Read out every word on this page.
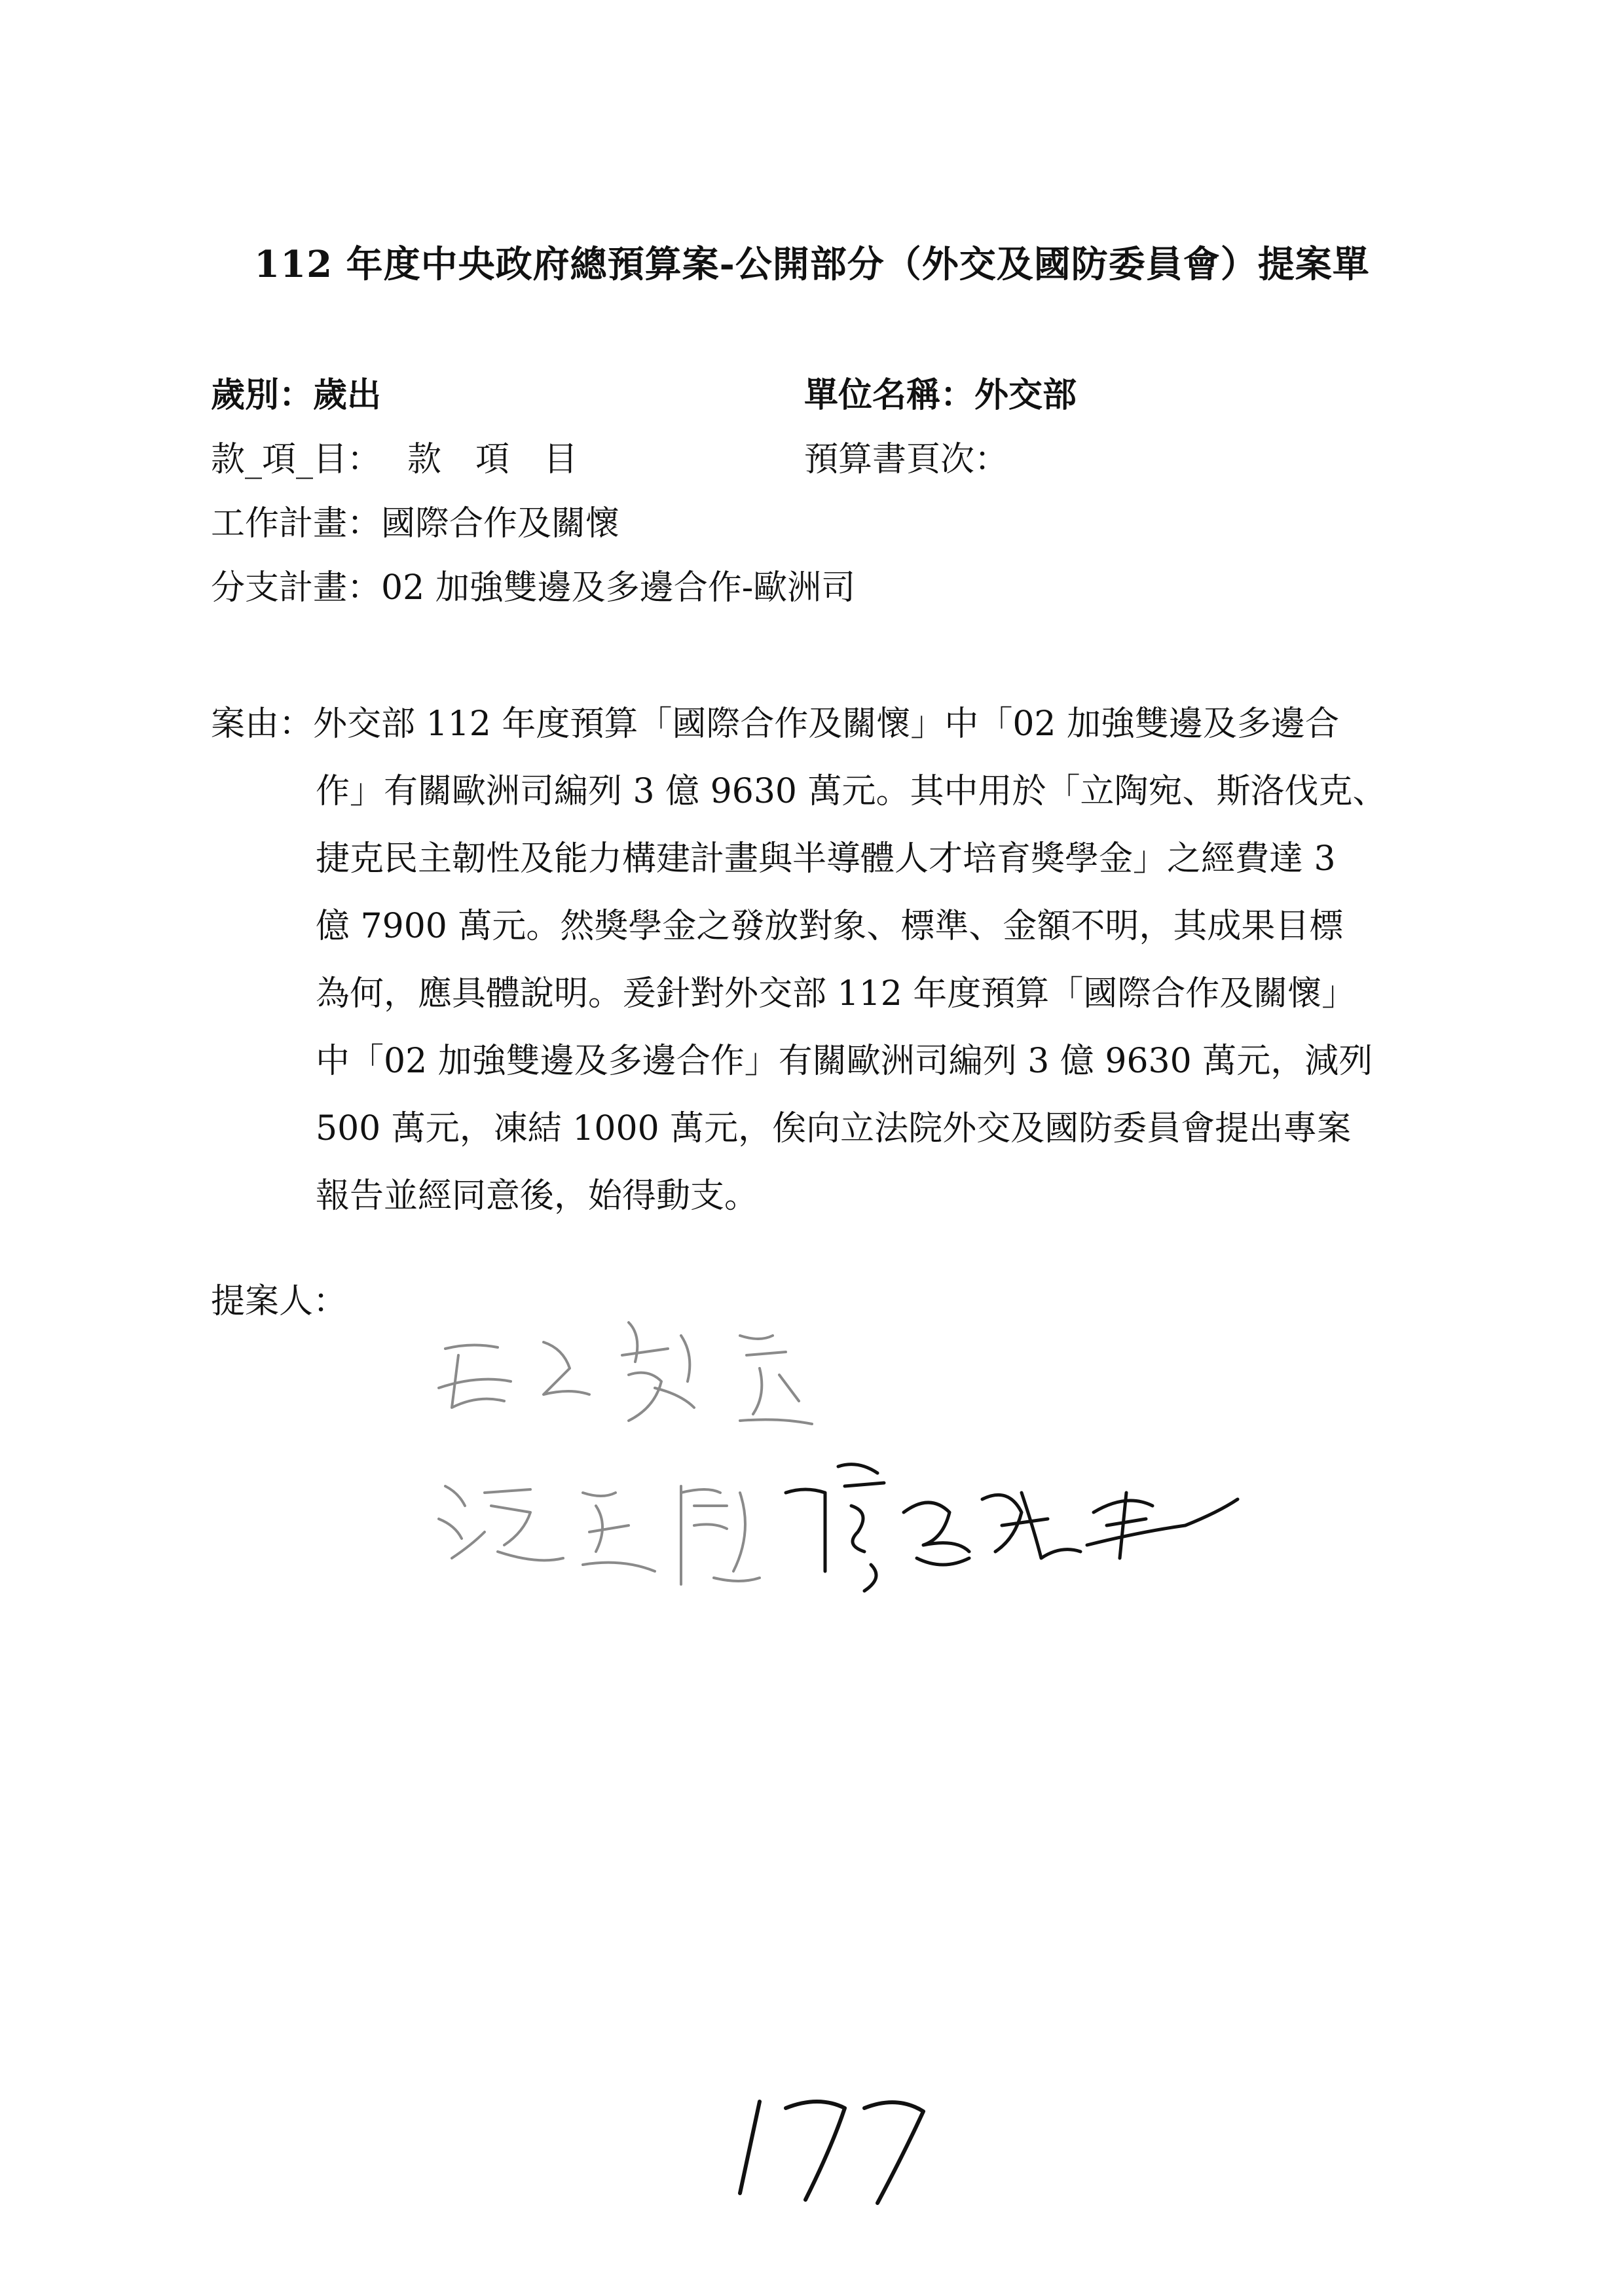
112 年度中央政府總預算案-公開部分（外交及國防委員會）提案單
歲別：歲出	單位名稱：外交部
款_項_目： 款　項　目	預算書頁次：
工作計畫：國際合作及關懷
分支計畫：02 加強雙邊及多邊合作-歐洲司
案由：外交部 112 年度預算「國際合作及關懷」中「02 加強雙邊及多邊合
作」有關歐洲司編列 3 億 9630 萬元。其中用於「立陶宛、斯洛伐克、
捷克民主韌性及能力構建計畫與半導體人才培育獎學金」之經費達 3
億 7900 萬元。然獎學金之發放對象、標準、金額不明，其成果目標
為何，應具體說明。爰針對外交部 112 年度預算「國際合作及關懷」
中「02 加強雙邊及多邊合作」有關歐洲司編列 3 億 9630 萬元，減列
500 萬元，凍結 1000 萬元，俟向立法院外交及國防委員會提出專案
報告並經同意後，始得動支。
提案人：
